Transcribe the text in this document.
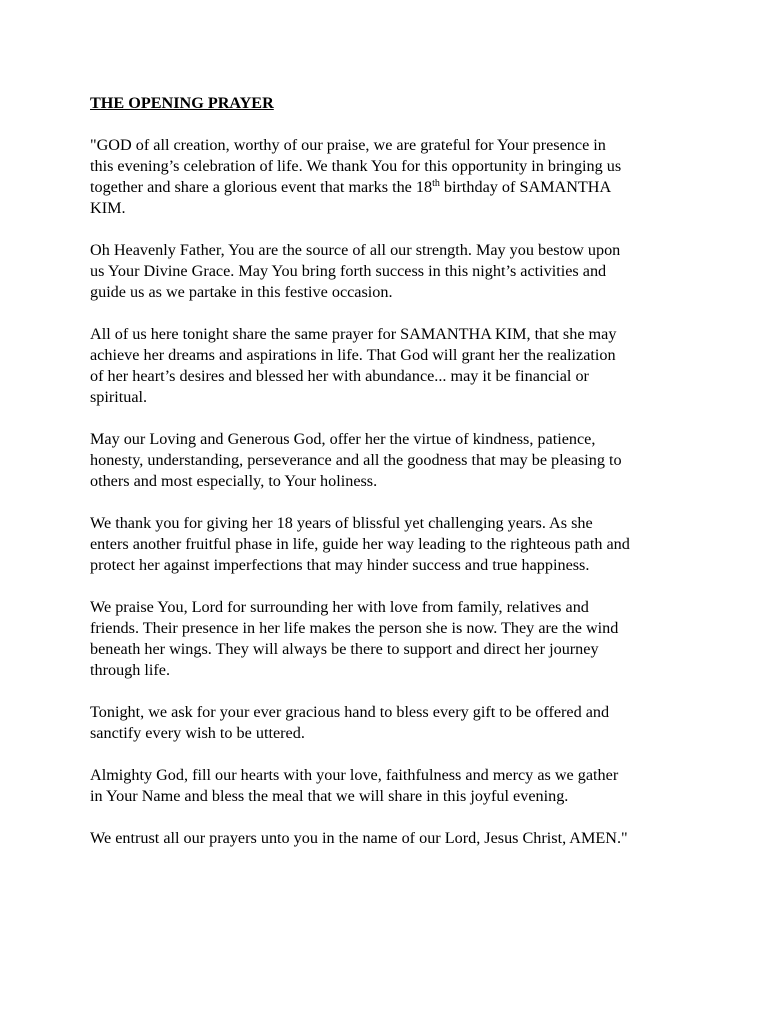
THE OPENING PRAYER

"GOD of all creation, worthy of our praise, we are grateful for Your presence in
this evening’s celebration of life. We thank You for this opportunity in bringing us
together and share a glorious event that marks the 18th birthday of SAMANTHA
KIM.

Oh Heavenly Father, You are the source of all our strength. May you bestow upon
us Your Divine Grace. May You bring forth success in this night’s activities and
guide us as we partake in this festive occasion.

All of us here tonight share the same prayer for SAMANTHA KIM, that she may
achieve her dreams and aspirations in life. That God will grant her the realization
of her heart’s desires and blessed her with abundance... may it be financial or
spiritual.

May our Loving and Generous God, offer her the virtue of kindness, patience,
honesty, understanding, perseverance and all the goodness that may be pleasing to
others and most especially, to Your holiness.

We thank you for giving her 18 years of blissful yet challenging years. As she
enters another fruitful phase in life, guide her way leading to the righteous path and
protect her against imperfections that may hinder success and true happiness.

We praise You, Lord for surrounding her with love from family, relatives and
friends. Their presence in her life makes the person she is now. They are the wind
beneath her wings. They will always be there to support and direct her journey
through life.

Tonight, we ask for your ever gracious hand to bless every gift to be offered and
sanctify every wish to be uttered.

Almighty God, fill our hearts with your love, faithfulness and mercy as we gather
in Your Name and bless the meal that we will share in this joyful evening.

We entrust all our prayers unto you in the name of our Lord, Jesus Christ, AMEN."
